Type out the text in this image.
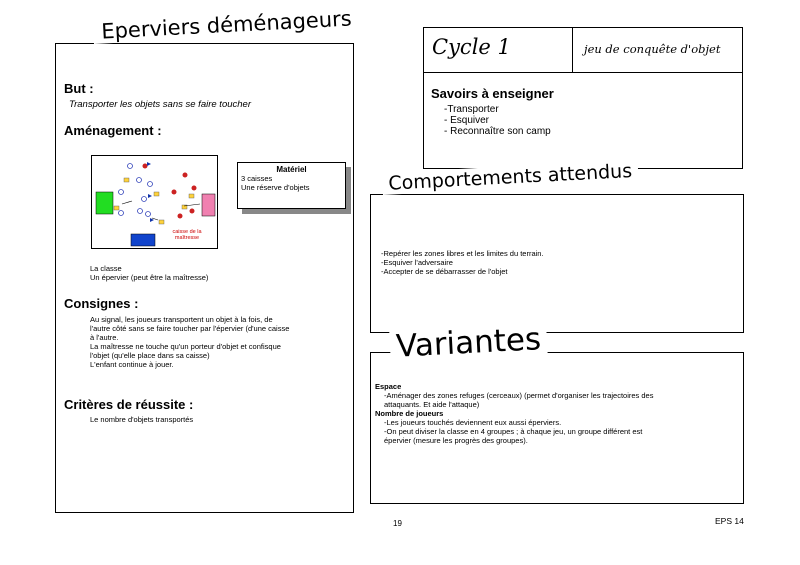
Eperviers déménageurs
But :
Transporter les objets sans se faire toucher
Aménagement :
caisse de la maîtresse
Matériel
3 caisses
Une réserve d'objets
La classe
Un épervier (peut être la maîtresse)
Consignes :
Au signal, les joueurs transportent un objet à la fois, de
l'autre côté sans se faire toucher par l'épervier (d'une caisse
à l'autre.
La maîtresse ne touche qu'un porteur d'objet et confisque
l'objet (qu'elle place dans sa caisse)
L'enfant continue à jouer.
Critères de réussite :
Le nombre d'objets transportés
Cycle 1	jeu de conquête d'objet
Savoirs à enseigner
-Transporter
- Esquiver
- Reconnaître son camp
Comportements attendus
-Repérer les zones libres et les limites du terrain.
-Esquiver l'adversaire
-Accepter de se débarrasser de l'objet
Variantes
Espace
-Aménager des zones refuges (cerceaux) (permet d'organiser les trajectoires des
attaquants. Et aide l'attaque)
Nombre de joueurs
-Les joueurs touchés deviennent eux aussi éperviers.
-On peut diviser la classe en 4 groupes ; à chaque jeu, un groupe différent est
épervier (mesure les progrès des groupes).
19	EPS 14
